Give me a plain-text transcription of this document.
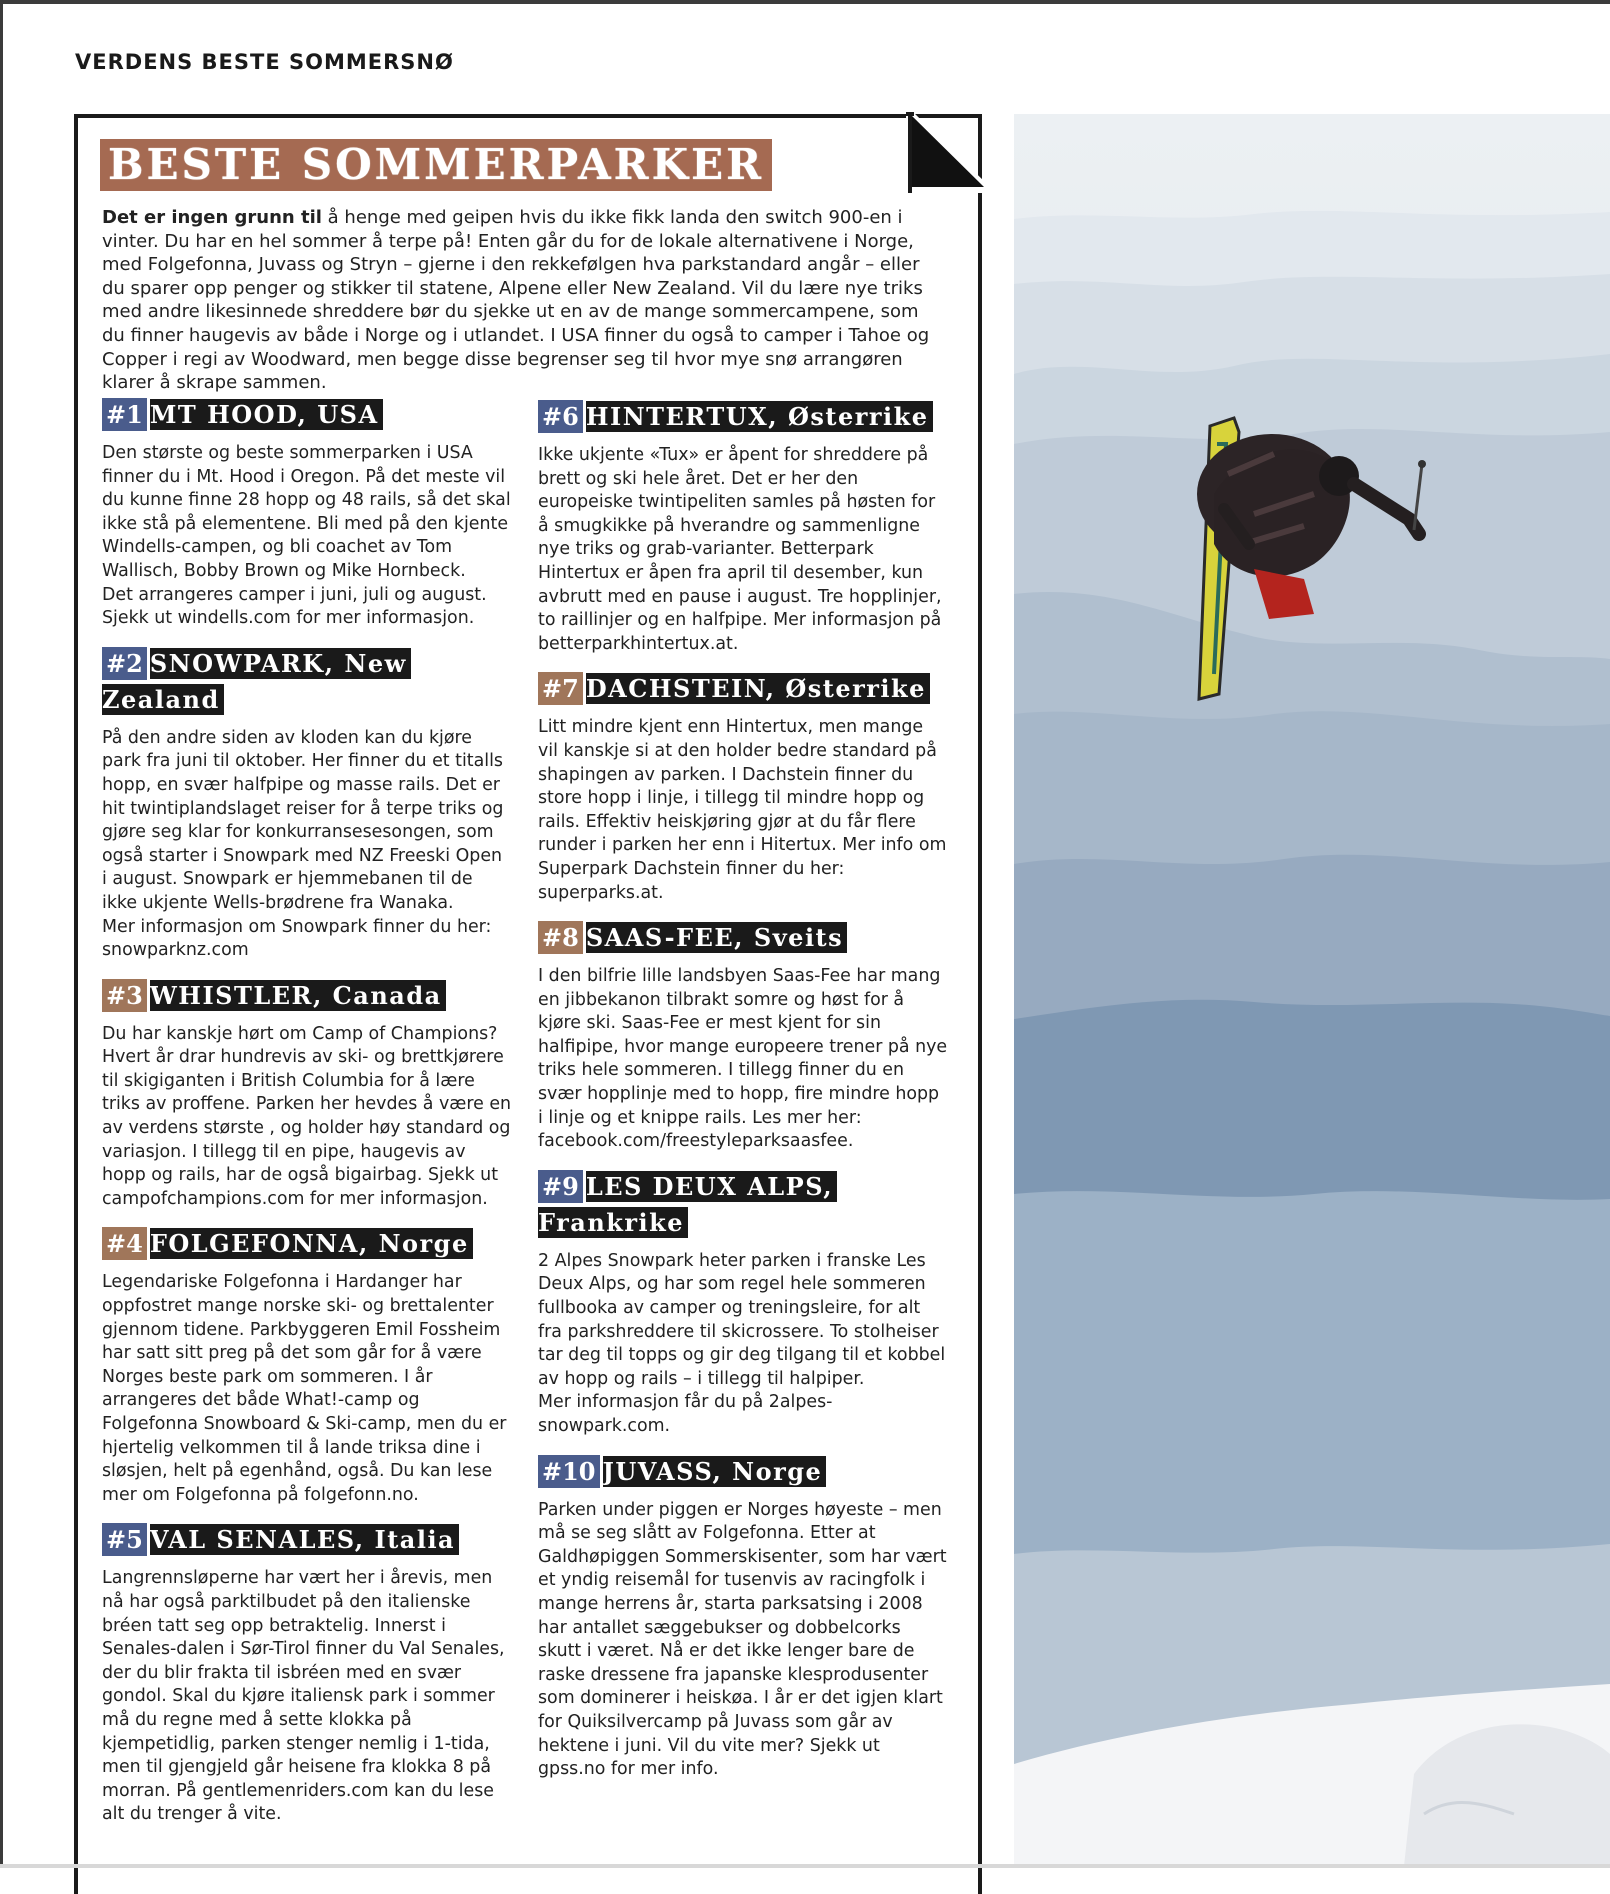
VERDENS BESTE SOMMERSNØ
BESTE SOMMERPARKER

Det er ingen grunn til å henge med geipen hvis du ikke fikk landa den switch 900-en i vinter. Du har en hel sommer å terpe på! Enten går du for de lokale alternativene i Norge, med Folgefonna, Juvass og Stryn – gjerne i den rekkefølgen hva parkstandard angår – eller du sparer opp penger og stikker til statene, Alpene eller New Zealand. Vil du lære nye triks med andre likesinnede shreddere bør du sjekke ut en av de mange sommercampene, som du finner haugevis av både i Norge og i utlandet. I USA finner du også to camper i Tahoe og Copper i regi av Woodward, men begge disse begrenser seg til hvor mye snø arrangøren klarer å skrape sammen.

#1 MT HOOD, USA

Den største og beste sommerparken i USA finner du i Mt. Hood i Oregon. På det meste vil du kunne finne 28 hopp og 48 rails, så det skal ikke stå på elementene. Bli med på den kjente Windells-campen, og bli coachet av Tom Wallisch, Bobby Brown og Mike Hornbeck.
Det arrangeres camper i juni, juli og august. Sjekk ut windells.com for mer informasjon.

#2 SNOWPARK, New Zealand

På den andre siden av kloden kan du kjøre park fra juni til oktober. Her finner du et titalls hopp, en svær halfpipe og masse rails. Det er hit twintiplandslaget reiser for å terpe triks og gjøre seg klar for konkurransesesongen, som også starter i Snowpark med NZ Freeski Open i august. Snowpark er hjemmebanen til de ikke ukjente Wells-brødrene fra Wanaka.
Mer informasjon om Snowpark finner du her: snowparknz.com

#3 WHISTLER, Canada

Du har kanskje hørt om Camp of Champions? Hvert år drar hundrevis av ski- og brettkjørere til skigiganten i British Columbia for å lære triks av proffene. Parken her hevdes å være en av verdens største , og holder høy standard og variasjon. I tillegg til en pipe, haugevis av hopp og rails, har de også bigairbag. Sjekk ut campofchampions.com for mer informasjon.

#4 FOLGEFONNA, Norge

Legendariske Folgefonna i Hardanger har oppfostret mange norske ski- og brettalenter gjennom tidene. Parkbyggeren Emil Fossheim har satt sitt preg på det som går for å være Norges beste park om sommeren. I år arrangeres det både What!-camp og Folgefonna Snowboard & Ski-camp, men du er hjertelig velkommen til å lande triksa dine i sløsjen, helt på egenhånd, også. Du kan lese mer om Folgefonna på folgefonn.no.

#5 VAL SENALES, Italia

Langrennsløperne har vært her i årevis, men nå har også parktilbudet på den italienske bréen tatt seg opp betraktelig. Innerst i Senales-dalen i Sør-Tirol finner du Val Senales, der du blir frakta til isbréen med en svær gondol. Skal du kjøre italiensk park i sommer må du regne med å sette klokka på kjempetidlig, parken stenger nemlig i 1-tida, men til gjengjeld går heisene fra klokka 8 på morran. På gentlemenriders.com kan du lese alt du trenger å vite.

#6 HINTERTUX, Østerrike

Ikke ukjente «Tux» er åpent for shreddere på brett og ski hele året. Det er her den europeiske twintipeliten samles på høsten for å smugkikke på hverandre og sammenligne nye triks og grab-varianter. Betterpark Hintertux er åpen fra april til desember, kun avbrutt med en pause i august. Tre hopplinjer, to raillinjer og en halfpipe. Mer informasjon på betterparkhintertux.at.

#7 DACHSTEIN, Østerrike

Litt mindre kjent enn Hintertux, men mange vil kanskje si at den holder bedre standard på shapingen av parken. I Dachstein finner du store hopp i linje, i tillegg til mindre hopp og rails. Effektiv heiskjøring gjør at du får flere runder i parken her enn i Hitertux. Mer info om Superpark Dachstein finner du her: superparks.at.

#8 SAAS-FEE, Sveits

I den bilfrie lille landsbyen Saas-Fee har mang en jibbekanon tilbrakt somre og høst for å kjøre ski. Saas-Fee er mest kjent for sin halfipipe, hvor mange europeere trener på nye triks hele sommeren. I tillegg finner du en svær hopplinje med to hopp, fire mindre hopp i linje og et knippe rails. Les mer her: facebook.com/freestyleparksaasfee.

#9 LES DEUX ALPS, Frankrike

2 Alpes Snowpark heter parken i franske Les Deux Alps, og har som regel hele sommeren fullbooka av camper og treningsleire, for alt fra parkshreddere til skicrossere. To stolheiser tar deg til topps og gir deg tilgang til et kobbel av hopp og rails – i tillegg til halpiper.
Mer informasjon får du på 2alpes-snowpark.com.

#10 JUVASS, Norge

Parken under piggen er Norges høyeste – men må se seg slått av Folgefonna. Etter at Galdhøpiggen Sommerskisenter, som har vært et yndig reisemål for tusenvis av racingfolk i mange herrens år, starta parksatsing i 2008 har antallet sæggebukser og dobbelcorks skutt i været. Nå er det ikke lenger bare de raske dressene fra japanske klesprodusenter som dominerer i heiskøa. I år er det igjen klart for Quiksilvercamp på Juvass som går av hektene i juni. Vil du vite mer? Sjekk ut gpss.no for mer info.
